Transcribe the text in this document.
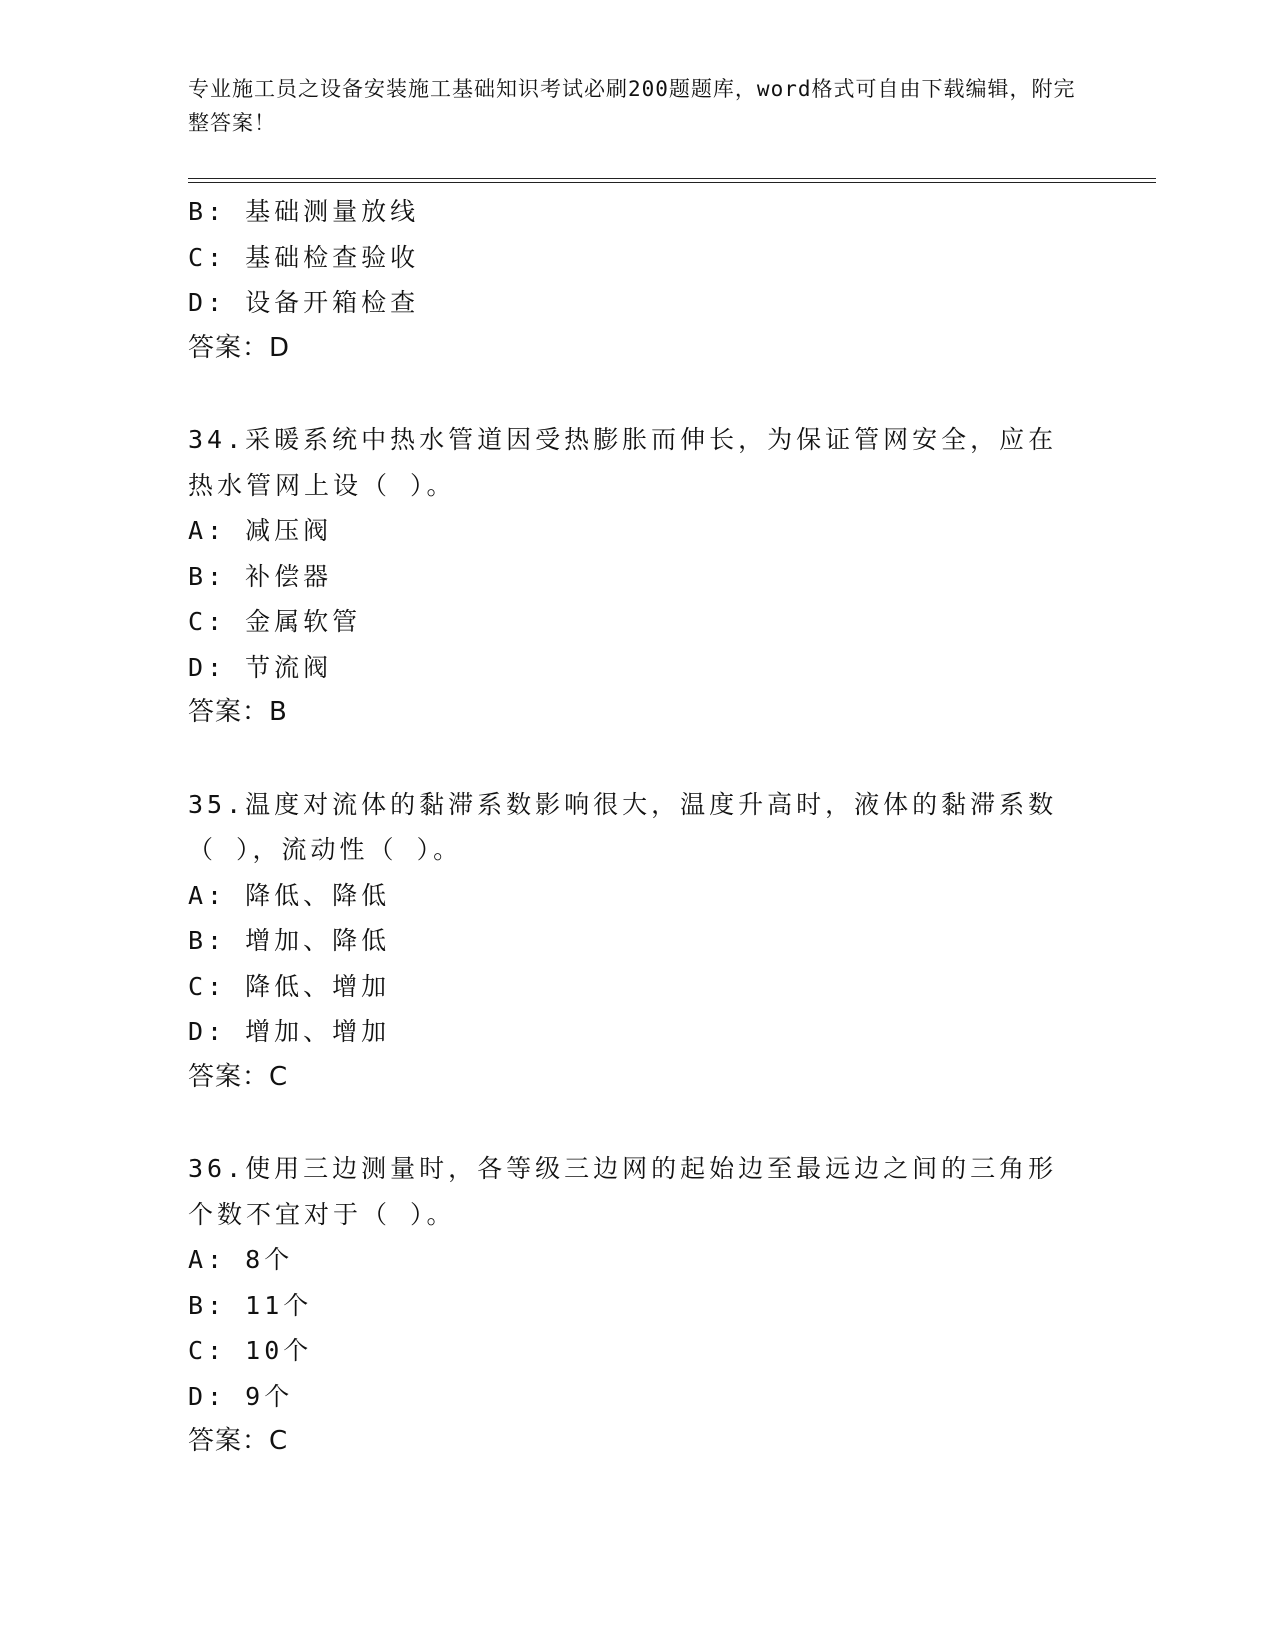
专业施工员之设备安装施工基础知识考试必刷200题题库，word格式可自由下载编辑，附完整答案！
B: 基础测量放线
C: 基础检查验收
D: 设备开箱检查
答案：D
34.采暖系统中热水管道因受热膨胀而伸长，为保证管网安全，应在热水管网上设（ ）。
A: 减压阀
B: 补偿器
C: 金属软管
D: 节流阀
答案：B
35.温度对流体的黏滞系数影响很大，温度升高时，液体的黏滞系数（ ），流动性（ ）。
A: 降低、降低
B: 增加、降低
C: 降低、增加
D: 增加、增加
答案：C
36.使用三边测量时，各等级三边网的起始边至最远边之间的三角形个数不宜对于（ ）。
A: 8个
B: 11个
C: 10个
D: 9个
答案：C
